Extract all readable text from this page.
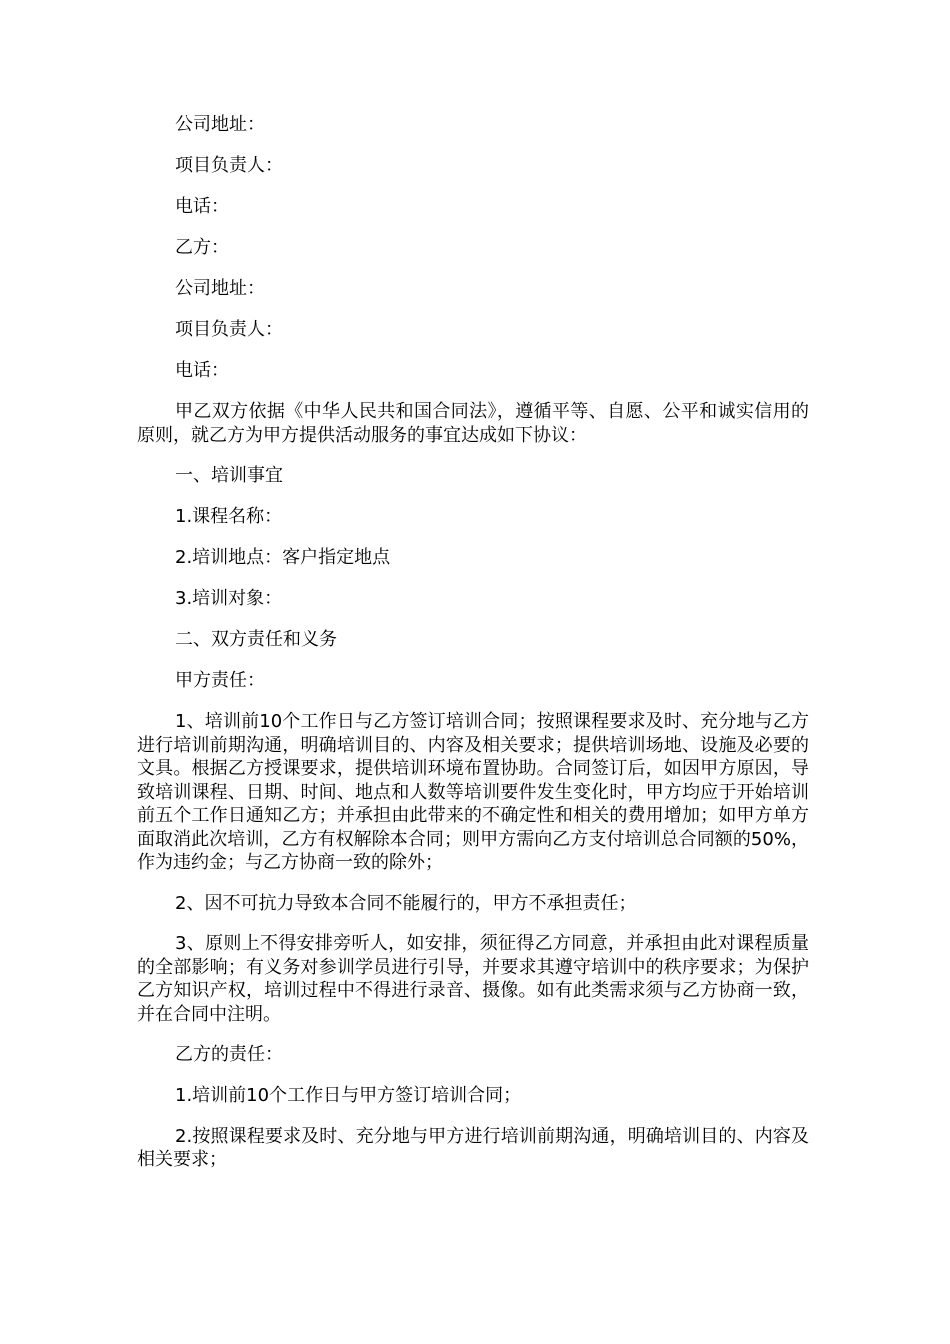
公司地址：

项目负责人：

电话：

乙方：

公司地址：

项目负责人：

电话：

甲乙双方依据《中华人民共和国合同法》，遵循平等、自愿、公平和诚实信用的原则，就乙方为甲方提供活动服务的事宜达成如下协议：

一、培训事宜

1.课程名称：

2.培训地点：客户指定地点

3.培训对象：

二、双方责任和义务

甲方责任：

1、培训前10个工作日与乙方签订培训合同；按照课程要求及时、充分地与乙方进行培训前期沟通，明确培训目的、内容及相关要求；提供培训场地、设施及必要的文具。根据乙方授课要求，提供培训环境布置协助。合同签订后，如因甲方原因，导致培训课程、日期、时间、地点和人数等培训要件发生变化时，甲方均应于开始培训前五个工作日通知乙方；并承担由此带来的不确定性和相关的费用增加；如甲方单方面取消此次培训，乙方有权解除本合同；则甲方需向乙方支付培训总合同额的50%，作为违约金；与乙方协商一致的除外；

2、因不可抗力导致本合同不能履行的，甲方不承担责任；

3、原则上不得安排旁听人，如安排，须征得乙方同意，并承担由此对课程质量的全部影响；有义务对参训学员进行引导，并要求其遵守培训中的秩序要求；为保护乙方知识产权，培训过程中不得进行录音、摄像。如有此类需求须与乙方协商一致，并在合同中注明。

乙方的责任：

1.培训前10个工作日与甲方签订培训合同；

2.按照课程要求及时、充分地与甲方进行培训前期沟通，明确培训目的、内容及相关要求；
